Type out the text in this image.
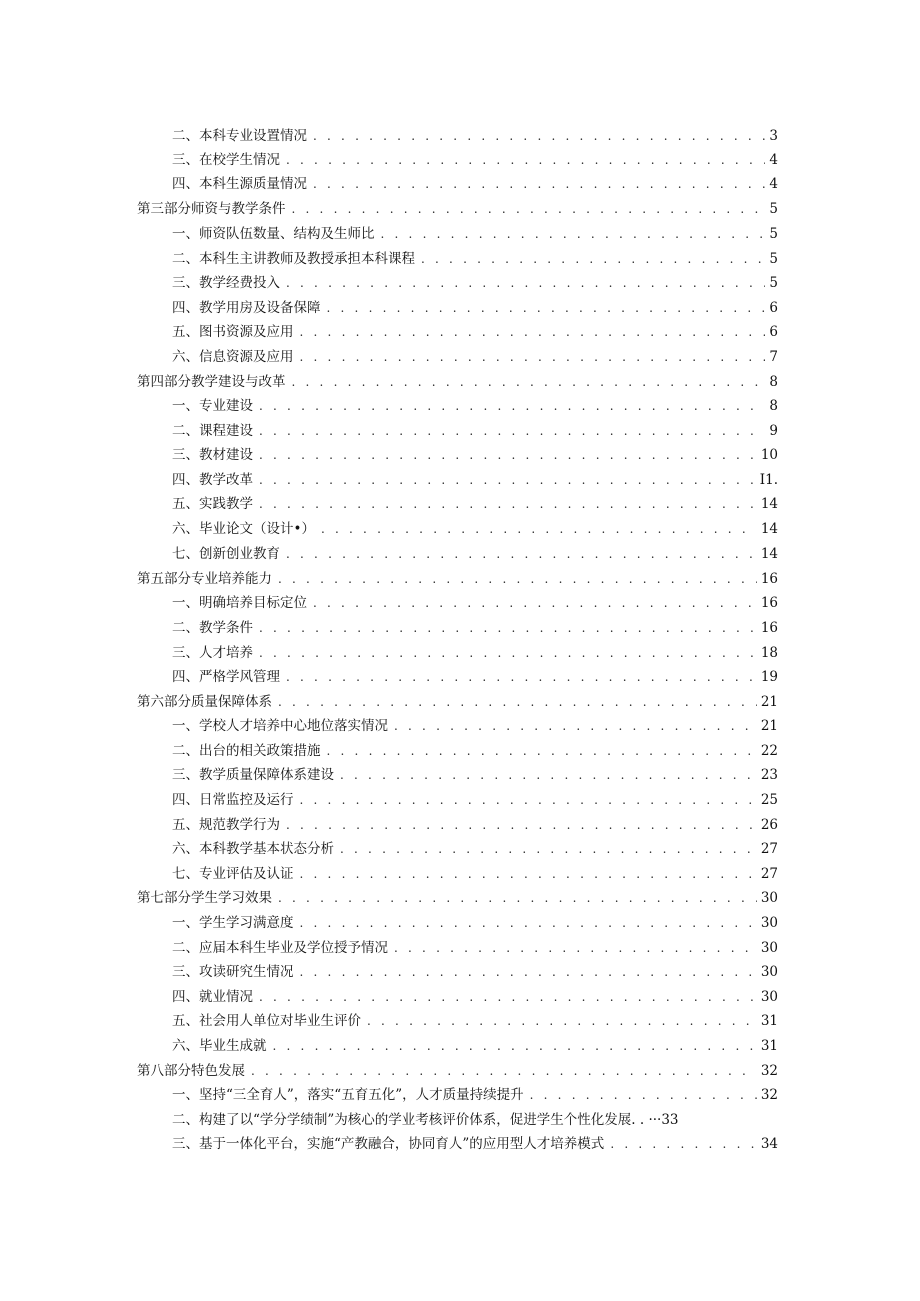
二、本科专业设置情况 . . .	3
三、在校学生情况 . . .	4
四、本科生源质量情况 . . .	4
第三部分师资与教学条件 . . .	5
一、师资队伍数量、结构及生师比 . . .	5
二、本科生主讲教师及教授承担本科课程 . . .	5
三、教学经费投入 . . .	5
四、教学用房及设备保障 . . .	6
五、图书资源及应用 . . .	6
六、信息资源及应用 . . .	7
第四部分教学建设与改革 . . .	8
一、专业建设 . . .	8
二、课程建设 . . .	9
三、教材建设 . . .	10
四、教学改革 . . .	I1.
五、实践教学 . . .	14
六、毕业论文（设计•） . . .	14
七、创新创业教育 . . .	14
第五部分专业培养能力 . . .	16
一、明确培养目标定位 . . .	16
二、教学条件 . . .	16
三、人才培养 . . .	18
四、严格学风管理 . . .	19
第六部分质量保障体系 . . .	21
一、学校人才培养中心地位落实情况 . . .	21
二、出台的相关政策措施 . . .	22
三、教学质量保障体系建设 . . .	23
四、日常监控及运行 . . .	25
五、规范教学行为 . . .	26
六、本科教学基本状态分析 . . .	27
七、专业评估及认证 . . .	27
第七部分学生学习效果 . . .	30
一、学生学习满意度 . . .	30
二、应届本科生毕业及学位授予情况 . . .	30
三、攻读研究生情况 . . .	30
四、就业情况 . . .	30
五、社会用人单位对毕业生评价 . . .	31
六、毕业生成就 . . .	31
第八部分特色发展 . . .	32
一、坚持“三全育人”，落实“五育五化”，人才质量持续提升 . . .	32
二、构建了以“学分学绩制”为核心的学业考核评价体系，促进学生个性化发展. . ···33
三、基于一体化平台，实施“产教融合，协同育人”的应用型人才培养模式 . . .	34
